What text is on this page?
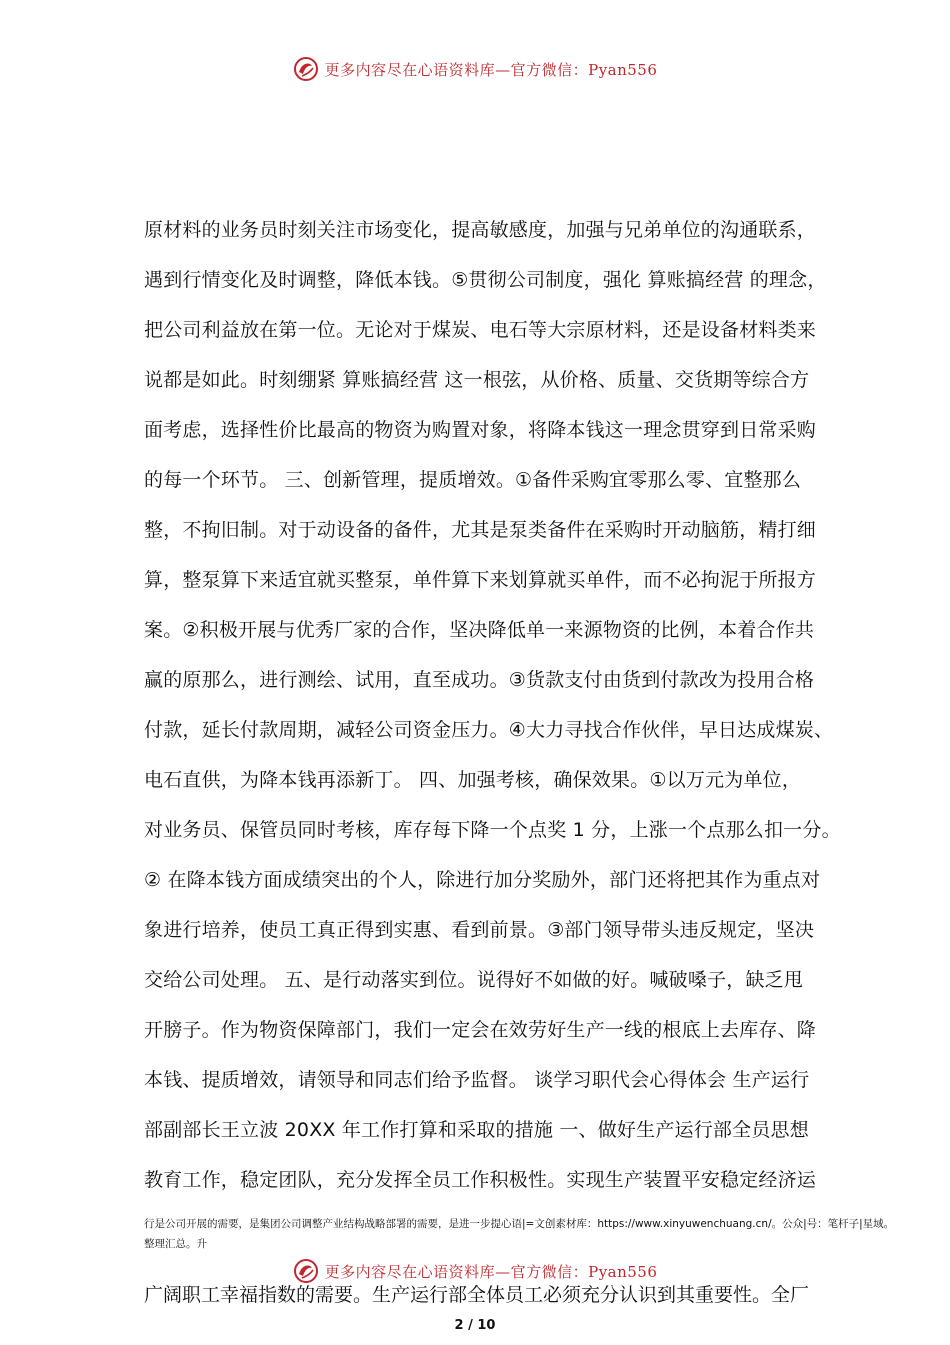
更多内容尽在心语资料库—官方微信：Pyan556
原材料的业务员时刻关注市场变化，提高敏感度，加强与兄弟单位的沟通联系，
遇到行情变化及时调整，降低本钱。⑤贯彻公司制度，强化 算账搞经营 的理念，
把公司利益放在第一位。无论对于煤炭、电石等大宗原材料，还是设备材料类来
说都是如此。时刻绷紧 算账搞经营 这一根弦，从价格、质量、交货期等综合方
面考虑，选择性价比最高的物资为购置对象，将降本钱这一理念贯穿到日常采购
的每一个环节。 三、创新管理，提质增效。①备件采购宜零那么零、宜整那么
整，不拘旧制。对于动设备的备件，尤其是泵类备件在采购时开动脑筋，精打细
算，整泵算下来适宜就买整泵，单件算下来划算就买单件，而不必拘泥于所报方
案。②积极开展与优秀厂家的合作，坚决降低单一来源物资的比例，本着合作共
赢的原那么，进行测绘、试用，直至成功。③货款支付由货到付款改为投用合格
付款，延长付款周期，减轻公司资金压力。④大力寻找合作伙伴，早日达成煤炭、
电石直供，为降本钱再添新丁。 四、加强考核，确保效果。①以万元为单位，
对业务员、保管员同时考核，库存每下降一个点奖 1 分，上涨一个点那么扣一分。
② 在降本钱方面成绩突出的个人，除进行加分奖励外，部门还将把其作为重点对
象进行培养，使员工真正得到实惠、看到前景。③部门领导带头违反规定，坚决
交给公司处理。 五、是行动落实到位。说得好不如做的好。喊破嗓子，缺乏甩
开膀子。作为物资保障部门，我们一定会在效劳好生产一线的根底上去库存、降
本钱、提质增效，请领导和同志们给予监督。 谈学习职代会心得体会 生产运行
部副部长王立波 20XX 年工作打算和采取的措施 一、做好生产运行部全员思想
教育工作，稳定团队，充分发挥全员工作积极性。实现生产装置平安稳定经济运
行是公司开展的需要，是集团公司调整产业结构战略部署的需要，是进一步提心语|=文创素材库：https://www.xinyuwenchuang.cn/。公众|号：笔杆子|星域。
整理汇总。升
更多内容尽在心语资料库—官方微信：Pyan556
广阔职工幸福指数的需要。生产运行部全体员工必须充分认识到其重要性。全厂
2 / 10
